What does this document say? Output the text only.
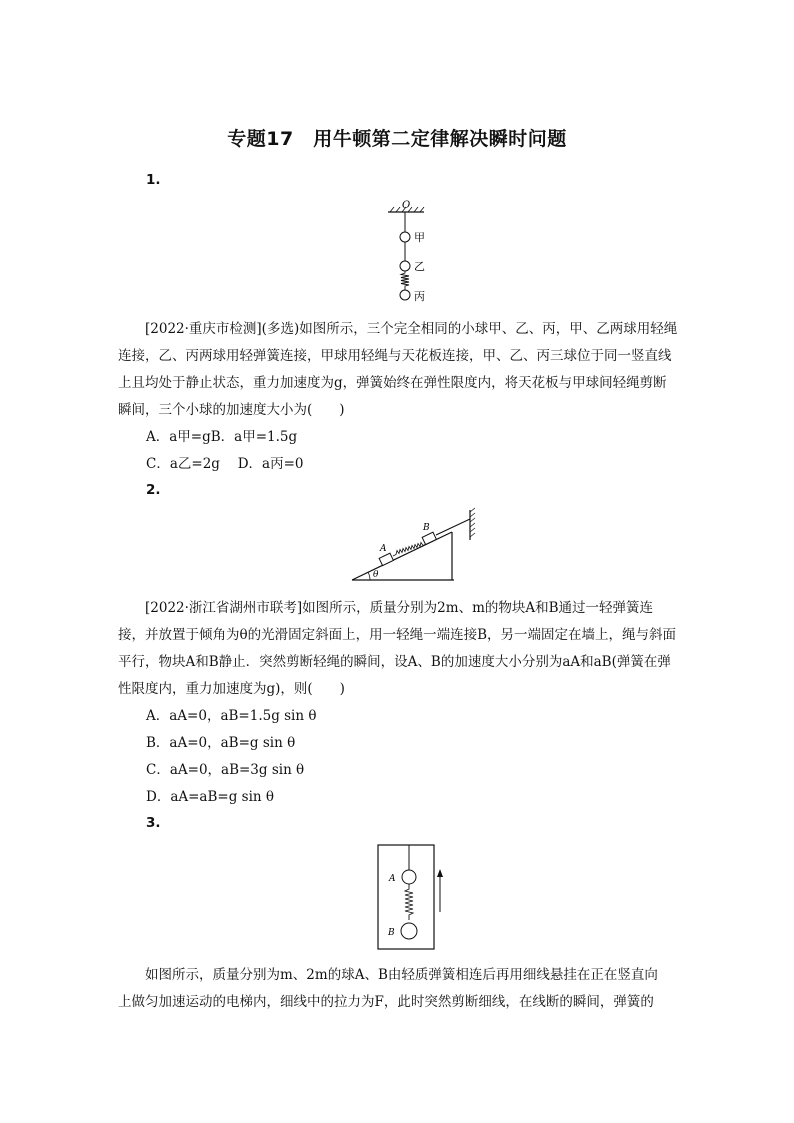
专题17　用牛顿第二定律解决瞬时问题
1.
O
甲
乙
丙
[2022·重庆市检测](多选)如图所示，三个完全相同的小球甲、乙、丙，甲、乙两球用轻绳连接，乙、丙两球用轻弹簧连接，甲球用轻绳与天花板连接，甲、乙、丙三球位于同一竖直线上且均处于静止状态，重力加速度为g，弹簧始终在弹性限度内，将天花板与甲球间轻绳剪断瞬间，三个小球的加速度大小为(　　)
A．a甲=gB．a甲=1.5g
C．a乙=2g　 D．a丙=0
2.
θ
A
B
[2022·浙江省湖州市联考]如图所示，质量分别为2m、m的物块A和B通过一轻弹簧连接，并放置于倾角为θ的光滑固定斜面上，用一轻绳一端连接B，另一端固定在墙上，绳与斜面平行，物块A和B静止．突然剪断轻绳的瞬间，设A、B的加速度大小分别为aA和aB(弹簧在弹性限度内，重力加速度为g)，则(　　)
A．aA=0，aB=1.5g sin θ
B．aA=0，aB=g sin θ
C．aA=0，aB=3g sin θ
D．aA=aB=g sin θ
3.
A
B
如图所示，质量分别为m、2m的球A、B由轻质弹簧相连后再用细线悬挂在正在竖直向
上做匀加速运动的电梯内，细线中的拉力为F，此时突然剪断细线，在线断的瞬间，弹簧的
